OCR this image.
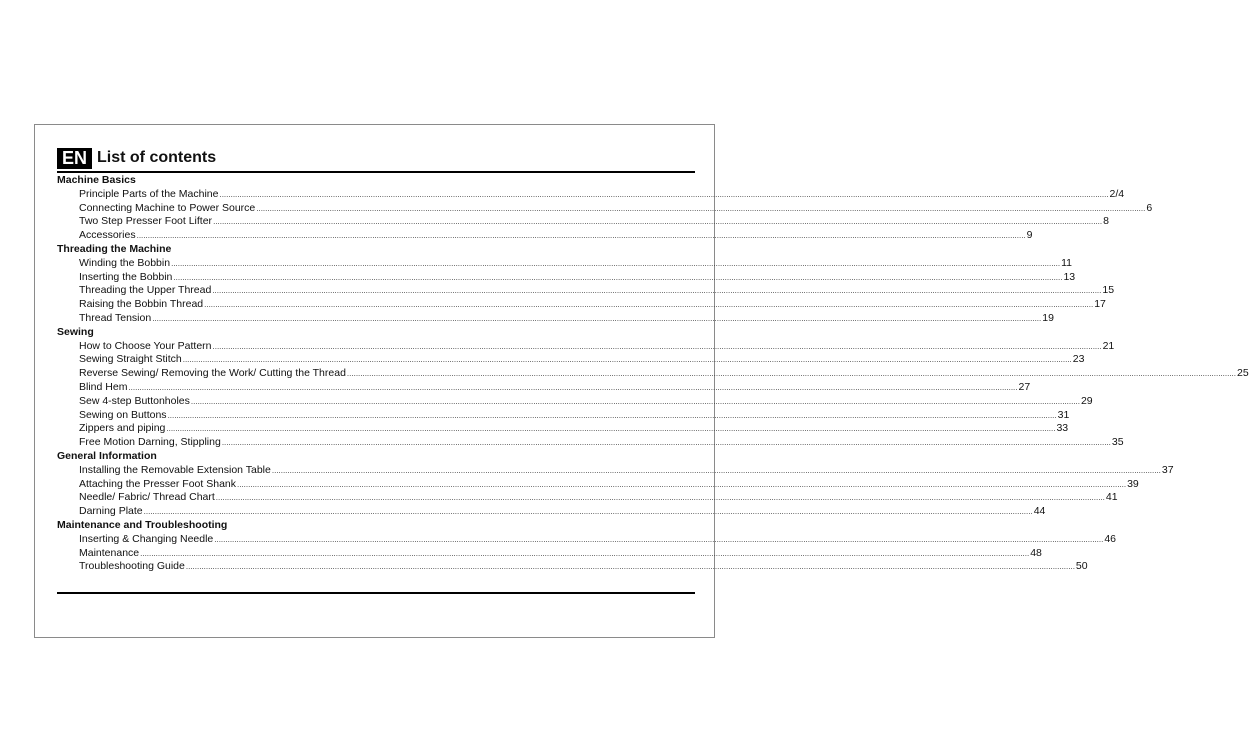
EN List of contents
Machine Basics
Principle Parts of the Machine ................................................................................................................................................................................................................................................................................................................................................................................................................ 2/4
Connecting Machine to Power Source ................................................................................................................................................................................................................................................................................................................................................................................................................ 6
Two Step Presser Foot Lifter ................................................................................................................................................................................................................................................................................................................................................................................................................ 8
Accessories ................................................................................................................................................................................................................................................................................................................................................................................................................ 9
Threading the Machine
Winding the Bobbin ................................................................................................................................................................................................................................................................................................................................................................................................................ 11
Inserting the Bobbin ................................................................................................................................................................................................................................................................................................................................................................................................................ 13
Threading the Upper Thread ................................................................................................................................................................................................................................................................................................................................................................................................................ 15
Raising the Bobbin Thread ................................................................................................................................................................................................................................................................................................................................................................................................................ 17
Thread Tension ................................................................................................................................................................................................................................................................................................................................................................................................................ 19
Sewing
How to Choose Your Pattern ................................................................................................................................................................................................................................................................................................................................................................................................................ 21
Sewing Straight Stitch ................................................................................................................................................................................................................................................................................................................................................................................................................ 23
Reverse Sewing/ Removing the Work/ Cutting the Thread ................................................................................................................................................................................................................................................................................................................................................................................................................ 25
Blind Hem ................................................................................................................................................................................................................................................................................................................................................................................................................ 27
Sew 4-step Buttonholes ................................................................................................................................................................................................................................................................................................................................................................................................................ 29
Sewing on Buttons ................................................................................................................................................................................................................................................................................................................................................................................................................ 31
Zippers and piping ................................................................................................................................................................................................................................................................................................................................................................................................................ 33
Free Motion Darning, Stippling ................................................................................................................................................................................................................................................................................................................................................................................................................ 35
General Information
Installing the Removable Extension Table ................................................................................................................................................................................................................................................................................................................................................................................................................ 37
Attaching the Presser Foot Shank ................................................................................................................................................................................................................................................................................................................................................................................................................ 39
Needle/ Fabric/ Thread Chart ................................................................................................................................................................................................................................................................................................................................................................................................................ 41
Darning Plate ................................................................................................................................................................................................................................................................................................................................................................................................................ 44
Maintenance and Troubleshooting
Inserting & Changing Needle ................................................................................................................................................................................................................................................................................................................................................................................................................ 46
Maintenance ................................................................................................................................................................................................................................................................................................................................................................................................................ 48
Troubleshooting Guide ................................................................................................................................................................................................................................................................................................................................................................................................................ 50
